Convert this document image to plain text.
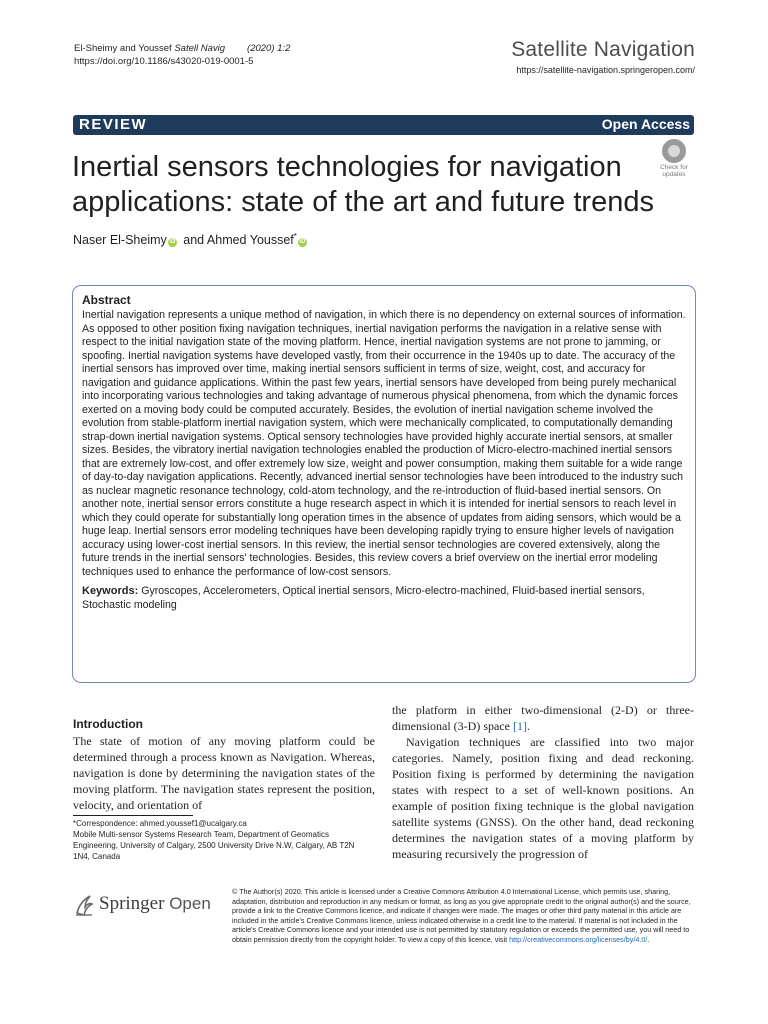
El-Sheimy and Youssef Satell Navig (2020) 1:2
https://doi.org/10.1186/s43020-019-0001-5
Satellite Navigation
https://satellite-navigation.springeropen.com/
REVIEW	Open Access
Inertial sensors technologies for navigation applications: state of the art and future trends
Check for
updates
Naser El-Sheimy iD and Ahmed Youssef*iD
Abstract
Inertial navigation represents a unique method of navigation, in which there is no dependency on external sources of information. As opposed to other position fixing navigation techniques, inertial navigation performs the navigation in a relative sense with respect to the initial navigation state of the moving platform. Hence, inertial navigation systems are not prone to jamming, or spoofing. Inertial navigation systems have developed vastly, from their occurrence in the 1940s up to date. The accuracy of the inertial sensors has improved over time, making inertial sensors sufficient in terms of size, weight, cost, and accuracy for navigation and guidance applications. Within the past few years, inertial sensors have developed from being purely mechanical into incorporating various technologies and taking advantage of numerous physical phenomena, from which the dynamic forces exerted on a moving body could be computed accurately. Besides, the evolution of inertial navigation scheme involved the evolution from stable-platform inertial navigation system, which were mechanically complicated, to computationally demanding strap-down inertial navigation systems. Optical sensory technologies have provided highly accurate inertial sensors, at smaller sizes. Besides, the vibratory inertial navigation technologies enabled the production of Micro-electro-machined inertial sensors that are extremely low-cost, and offer extremely low size, weight and power consumption, making them suitable for a wide range of day-to-day navigation applications. Recently, advanced inertial sensor technologies have been introduced to the industry such as nuclear magnetic resonance technology, cold-atom technology, and the re-introduction of fluid-based inertial sensors. On another note, inertial sensor errors constitute a huge research aspect in which it is intended for inertial sensors to reach level in which they could operate for substantially long operation times in the absence of updates from aiding sensors, which would be a huge leap. Inertial sensors error modeling techniques have been developing rapidly trying to ensure higher levels of navigation accuracy using lower-cost inertial sensors. In this review, the inertial sensor technologies are covered extensively, along the future trends in the inertial sensors' technologies. Besides, this review covers a brief overview on the inertial error modeling techniques used to enhance the performance of low-cost sensors.
Keywords: Gyroscopes, Accelerometers, Optical inertial sensors, Micro-electro-machined, Fluid-based inertial sensors, Stochastic modeling
Introduction
The state of motion of any moving platform could be determined through a process known as Navigation. Whereas, navigation is done by determining the navigation states of the moving platform. The navigation states represent the position, velocity, and orientation of

the platform in either two-dimensional (2-D) or three-dimensional (3-D) space [1].

Navigation techniques are classified into two major categories. Namely, position fixing and dead reckoning. Position fixing is performed by determining the navigation states with respect to a set of well-known positions. An example of position fixing technique is the global navigation satellite systems (GNSS). On the other hand, dead reckoning determines the navigation states of a moving platform by measuring recursively the progression of

*Correspondence: ahmed.youssef1@ucalgary.ca
Mobile Multi-sensor Systems Research Team, Department of Geomatics Engineering, University of Calgary, 2500 University Drive N.W, Calgary, AB T2N 1N4, Canada
Springer Open
© The Author(s) 2020. This article is licensed under a Creative Commons Attribution 4.0 International License, which permits use, sharing, adaptation, distribution and reproduction in any medium or format, as long as you give appropriate credit to the original author(s) and the source, provide a link to the Creative Commons licence, and indicate if changes were made. The images or other third party material in this article are included in the article's Creative Commons licence, unless indicated otherwise in a credit line to the material. If material is not included in the article's Creative Commons licence and your intended use is not permitted by statutory regulation or exceeds the permitted use, you will need to obtain permission directly from the copyright holder. To view a copy of this licence, visit http://creativecommons.org/licenses/by/4.0/.
